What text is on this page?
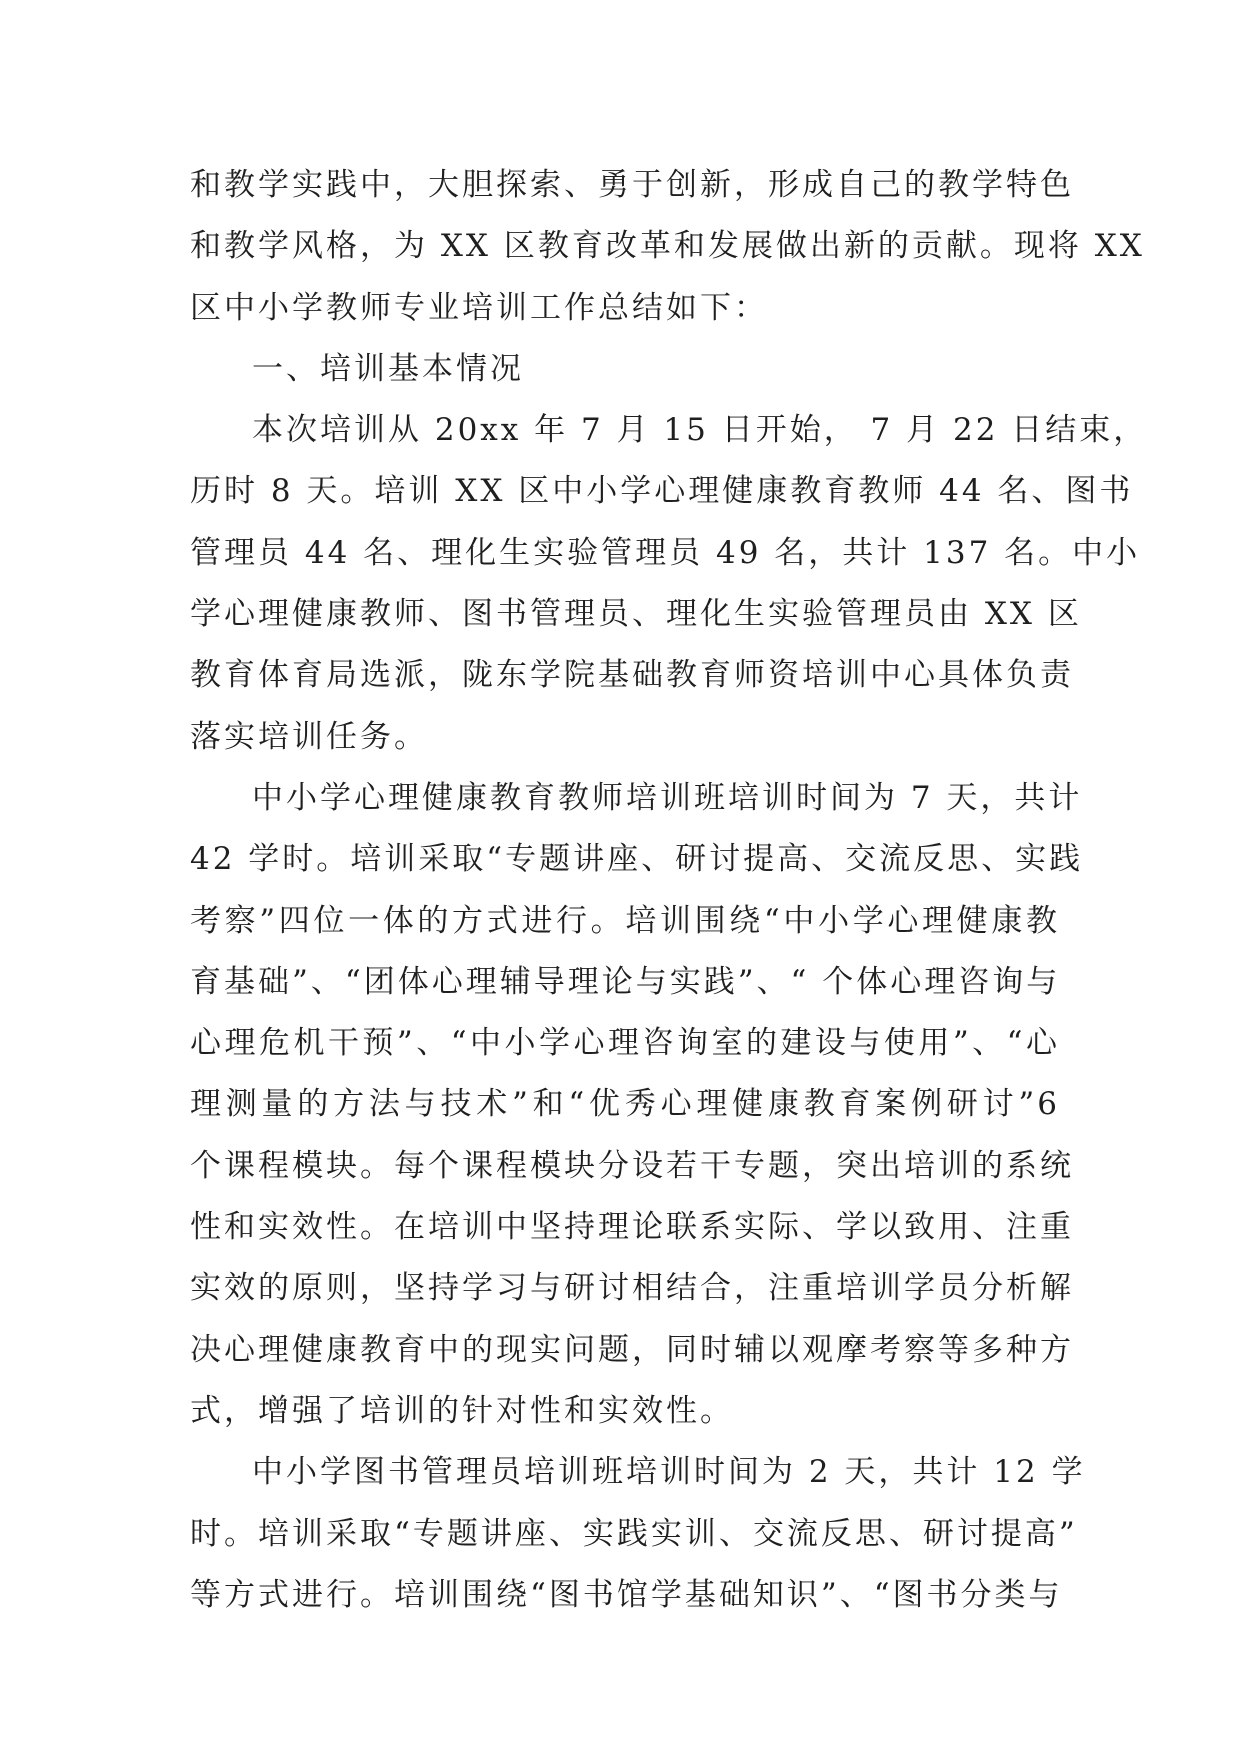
和教学实践中，大胆探索、勇于创新，形成自己的教学特色
和教学风格，为 XX 区教育改革和发展做出新的贡献。现将 XX
区中小学教师专业培训工作总结如下：

一、培训基本情况

本次培训从 20xx 年 7 月 15 日开始， 7 月 22 日结束，
历时 8 天。培训 XX 区中小学心理健康教育教师 44 名、图书
管理员 44 名、理化生实验管理员 49 名，共计 137 名。中小
学心理健康教师、图书管理员、理化生实验管理员由 XX 区
教育体育局选派，陇东学院基础教育师资培训中心具体负责
落实培训任务。

中小学心理健康教育教师培训班培训时间为 7 天，共计
42 学时。培训采取“专题讲座、研讨提高、交流反思、实践
考察”四位一体的方式进行。培训围绕“中小学心理健康教
育基础”、“团体心理辅导理论与实践”、“ 个体心理咨询与
心理危机干预”、“中小学心理咨询室的建设与使用”、“心
理测量的方法与技术”和“优秀心理健康教育案例研讨”6
个课程模块。每个课程模块分设若干专题，突出培训的系统
性和实效性。在培训中坚持理论联系实际、学以致用、注重
实效的原则，坚持学习与研讨相结合，注重培训学员分析解
决心理健康教育中的现实问题，同时辅以观摩考察等多种方
式，增强了培训的针对性和实效性。

中小学图书管理员培训班培训时间为 2 天，共计 12 学
时。培训采取“专题讲座、实践实训、交流反思、研讨提高”
等方式进行。培训围绕“图书馆学基础知识”、“图书分类与
